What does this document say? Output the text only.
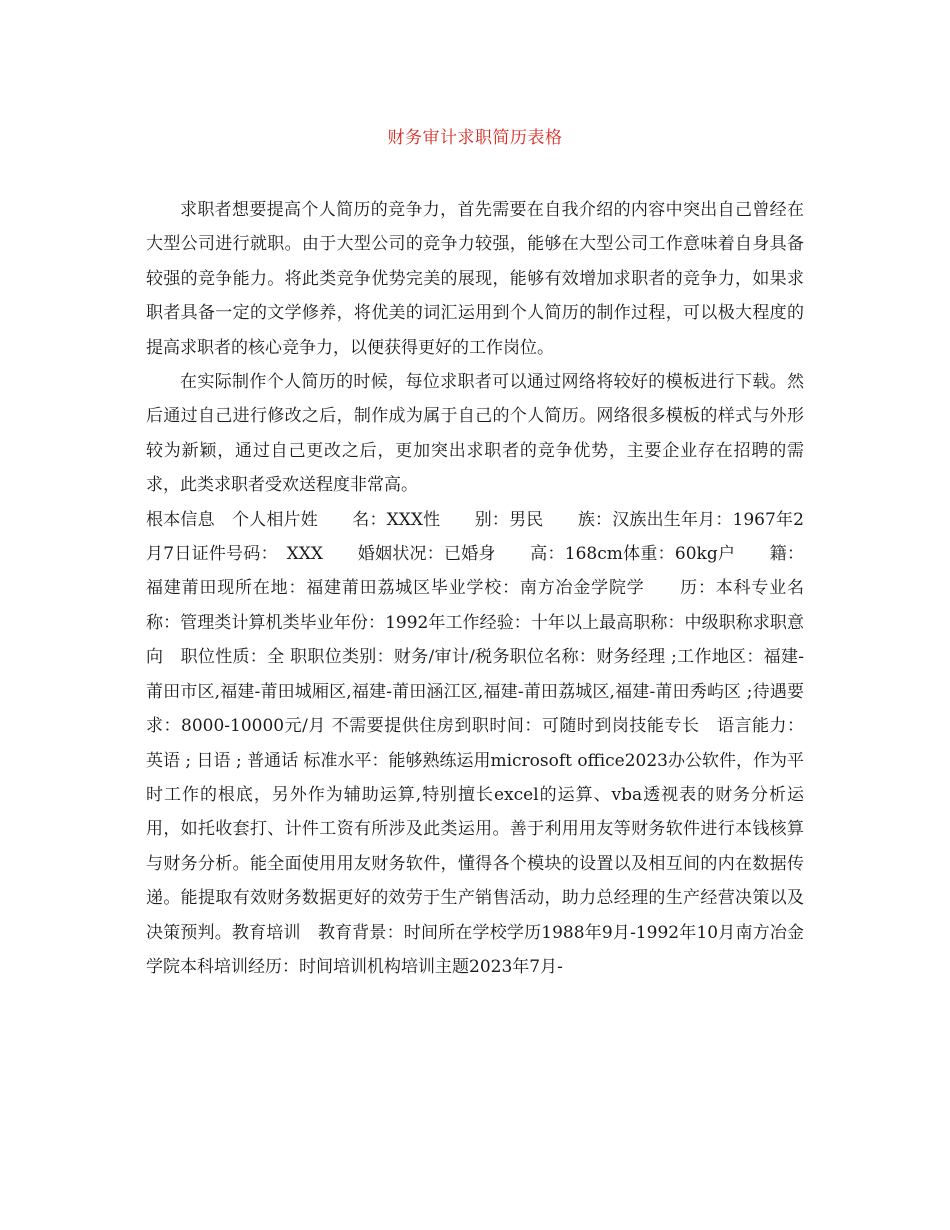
财务审计求职简历表格

求职者想要提高个人简历的竞争力，首先需要在自我介绍的内容中突出自己曾经在大型公司进行就职。由于大型公司的竞争力较强，能够在大型公司工作意味着自身具备较强的竞争能力。将此类竞争优势完美的展现，能够有效增加求职者的竞争力，如果求职者具备一定的文学修养，将优美的词汇运用到个人简历的制作过程，可以极大程度的提高求职者的核心竞争力，以便获得更好的工作岗位。

在实际制作个人简历的时候，每位求职者可以通过网络将较好的模板进行下载。然后通过自己进行修改之后，制作成为属于自己的个人简历。网络很多模板的样式与外形较为新颖，通过自己更改之后，更加突出求职者的竞争优势，主要企业存在招聘的需求，此类求职者受欢送程度非常高。

根本信息　个人相片姓　　名：XXX性　　别：男民　　族：汉族出生年月：1967年2月7日证件号码：　XXX　　婚姻状况：已婚身　　高：168cm体重：60kg户　　籍：福建莆田现所在地：福建莆田荔城区毕业学校：南方冶金学院学　　历：本科专业名称：管理类计算机类毕业年份：1992年工作经验：十年以上最高职称：中级职称求职意向　职位性质：全 职职位类别：财务/审计/税务职位名称：财务经理 ;工作地区：福建-莆田市区,福建-莆田城厢区,福建-莆田涵江区,福建-莆田荔城区,福建-莆田秀屿区 ;待遇要求：8000-10000元/月 不需要提供住房到职时间：可随时到岗技能专长　语言能力：英语 ; 日语 ; 普通话 标准水平：能够熟练运用microsoft office2023办公软件，作为平时工作的根底，另外作为辅助运算,特别擅长excel的运算、vba透视表的财务分析运用，如托收套打、计件工资有所涉及此类运用。善于利用用友等财务软件进行本钱核算与财务分析。能全面使用用友财务软件，懂得各个模块的设置以及相互间的内在数据传递。能提取有效财务数据更好的效劳于生产销售活动，助力总经理的生产经营决策以及决策预判。教育培训　教育背景：时间所在学校学历1988年9月-1992年10月南方冶金学院本科培训经历：时间培训机构培训主题2023年7月-
